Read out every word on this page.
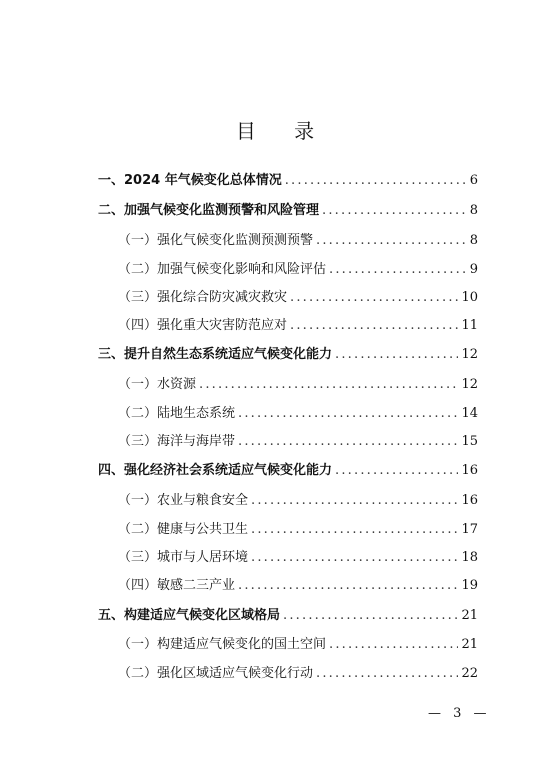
目 录
一、2024 年气候变化总体情况 .....	6
二、加强气候变化监测预警和风险管理 .....	8
（一）强化气候变化监测预测预警 .....	8
（二）加强气候变化影响和风险评估 .....	9
（三）强化综合防灾减灾救灾 .....	10
（四）强化重大灾害防范应对 .....	11
三、提升自然生态系统适应气候变化能力 .....	12
（一）水资源 .....	12
（二）陆地生态系统 .....	14
（三）海洋与海岸带 .....	15
四、强化经济社会系统适应气候变化能力 .....	16
（一）农业与粮食安全 .....	16
（二）健康与公共卫生 .....	17
（三）城市与人居环境 .....	18
（四）敏感二三产业 .....	19
五、构建适应气候变化区域格局 .....	21
（一）构建适应气候变化的国土空间 .....	21
（二）强化区域适应气候变化行动 .....	22
— 3 —
